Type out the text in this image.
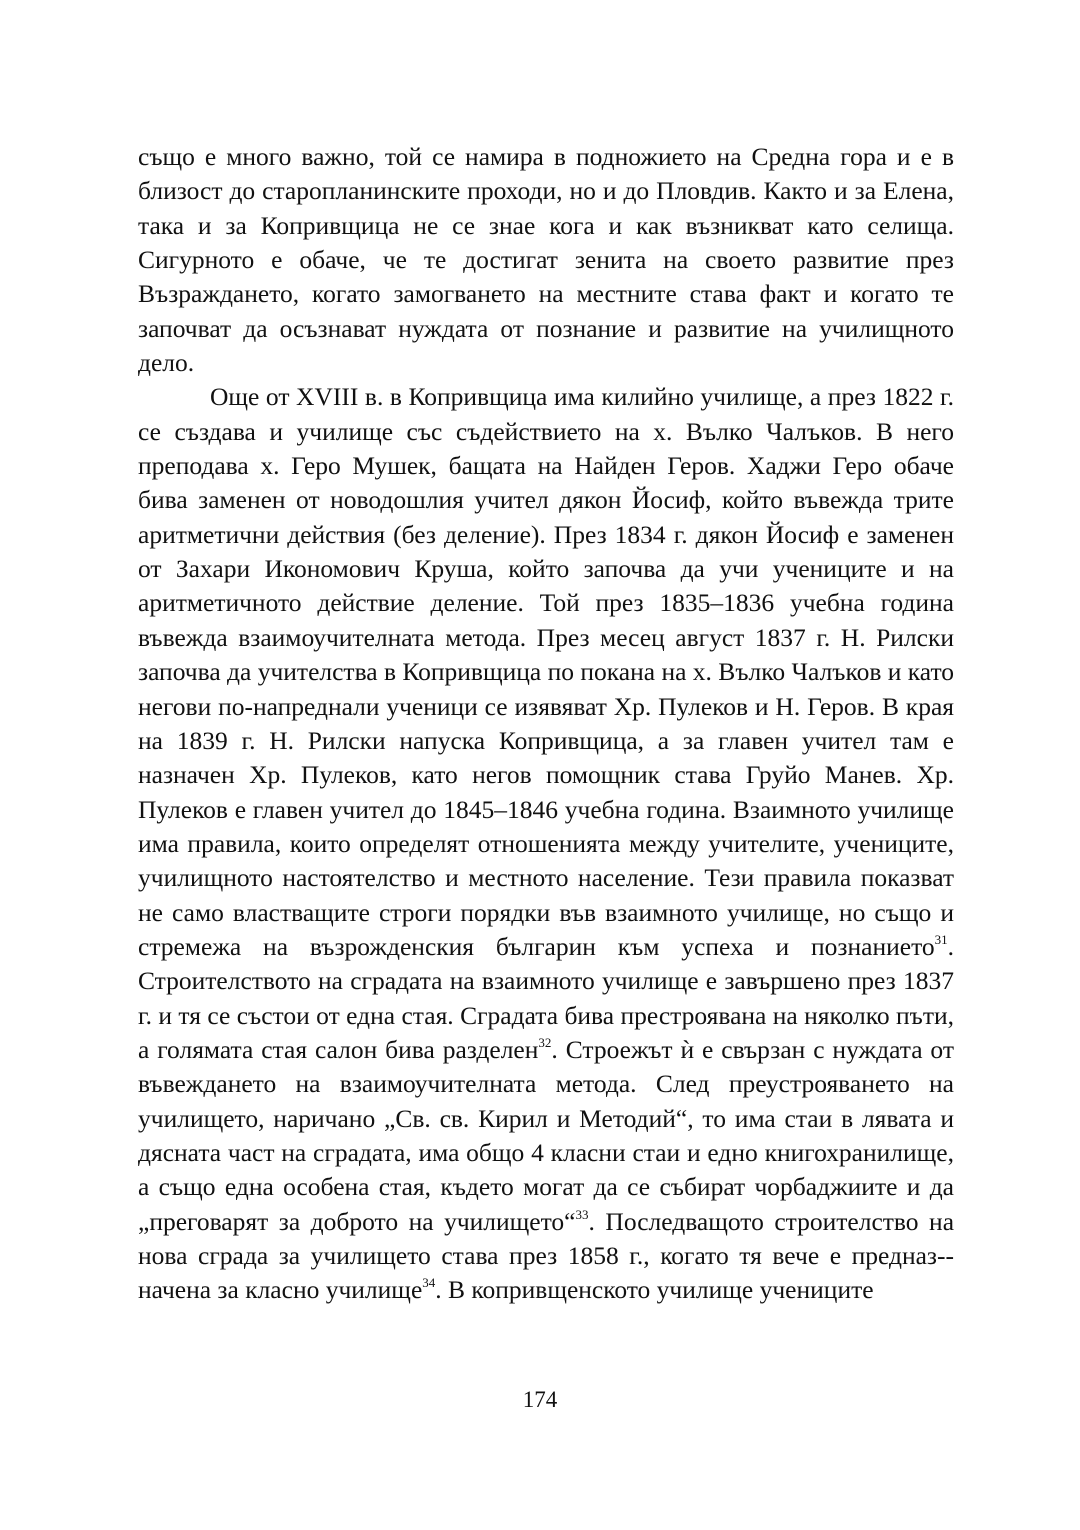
също е много важно, той се намира в подножието на Средна гора и е в близост до старопланинските проходи, но и до Пловдив. Както и за Елена, така и за Копривщица не се знае кога и как възникват като селища. Сигурното е обаче, че те достигат зенита на своето развитие през Възраждането, когато замогването на местните става факт и когато те започват да осъзнават нуждата от познание и развитие на училищното дело.

Още от XVIII в. в Копривщица има килийно училище, а през 1822 г. се създава и училище със съдействието на х. Вълко Чалъков. В него преподава х. Геро Мушек, бащата на Найден Геров. Хаджи Геро обаче бива заменен от новодошлия учител дякон Йосиф, който въвежда трите аритметични действия (без деление). През 1834 г. дякон Йосиф е заменен от Захари Икономович Круша, който започва да учи учениците и на аритметичното действие деление. Той през 1835–1836 учебна година въвежда взаимоучителната метода. През месец август 1837 г. Н. Рилски започва да учителства в Копривщица по покана на х. Вълко Чалъков и като негови по-напреднали ученици се изявяват Хр. Пулеков и Н. Геров. В края на 1839 г. Н. Рилски напуска Копривщица, а за главен учител там е назначен Хр. Пулеков, като негов помощник става Груйо Манев. Хр. Пулеков е главен учител до 1845–1846 учебна година. Взаимното училище има правила, които определят отношенията между учителите, учениците, училищното настоятелство и местното население. Тези правила показват не само властващите строги порядки във взаимното училище, но също и стремежа на възрожденския българин към успеха и познанието$^{31}$. Строителството на сградата на взаимното училище е завършено през 1837 г. и тя се състои от една стая. Сградата бива престроявана на няколко пъти, а голямата стая салон бива разделен$^{32}$. Строежът ѝ е свързан с нуждата от въвеждането на взаимоучителната метода. След преустрояването на училището, наричано „Св. св. Кирил и Методий“, то има стаи в лявата и дясната част на сградата, има общо 4 класни стаи и едно книгохранилище, а също една особена стая, където могат да се събират чорбаджиите и да „преговарят за доброто на училището“$^{33}$. Последващото строителство на нова сграда за училището става през 1858 г., когато тя вече е предназ-начена за класно училище$^{34}$. В копривщенското училище учениците

174
